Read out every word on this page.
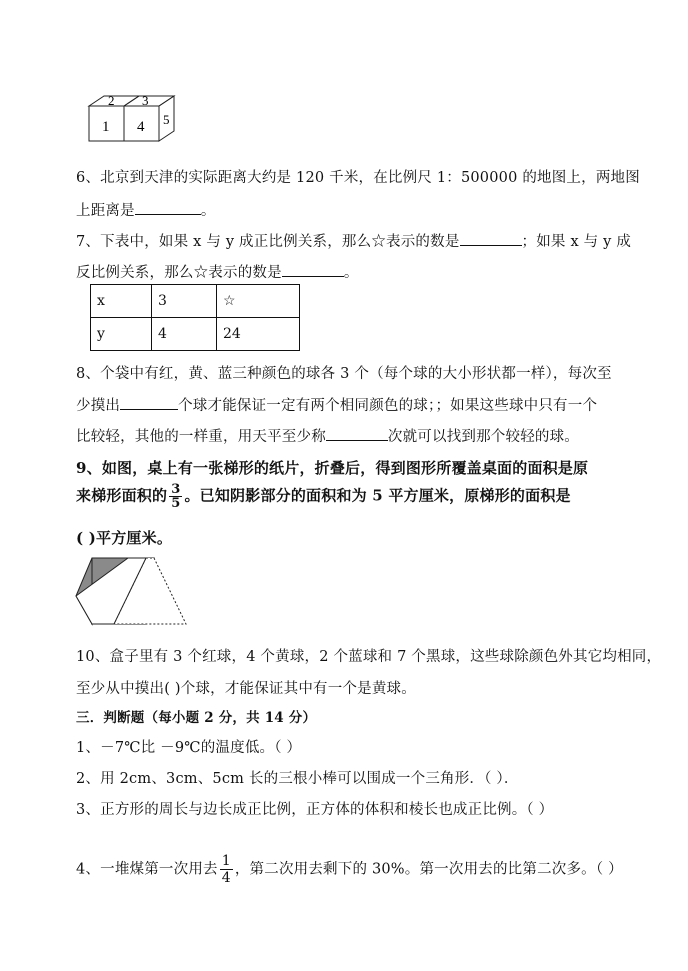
2 3
1 4 5
6、北京到天津的实际距离大约是 120 千米，在比例尺 1：500000 的地图上，两地图
上距离是	。
7、下表中，如果 x 与 y 成正比例关系，那么☆表示的数是	；如果 x 与 y 成
反比例关系，那么☆表示的数是	。
x	3	☆
y	4	24
8、个袋中有红，黄、蓝三种颜色的球各 3 个（每个球的大小形状都一样），每次至
少摸出	个球才能保证一定有两个相同颜色的球；；如果这些球中只有一个
比较轻，其他的一样重，用天平至少称	次就可以找到那个较轻的球。
9、如图，桌上有一张梯形的纸片，折叠后，得到图形所覆盖桌面的面积是原
来梯形面积的 $\frac{3}{5}$ 。已知阴影部分的面积和为 5 平方厘米，原梯形的面积是
( )平方厘米。
10、盒子里有 3 个红球，4 个黄球，2 个蓝球和 7 个黑球，这些球除颜色外其它均相同，
至少从中摸出( )个球，才能保证其中有一个是黄球。
三．判断题（每小题 2 分，共 14 分）
1、－7℃比 －9℃的温度低。（ ）
2、用 2cm、3cm、5cm 长的三根小棒可以围成一个三角形．（ ）．
3、正方形的周长与边长成正比例，正方体的体积和棱长也成正比例。（ ）
4、一堆煤第一次用去 $\frac{1}{4}$ ，第二次用去剩下的 30%。第一次用去的比第二次多。（ ）
